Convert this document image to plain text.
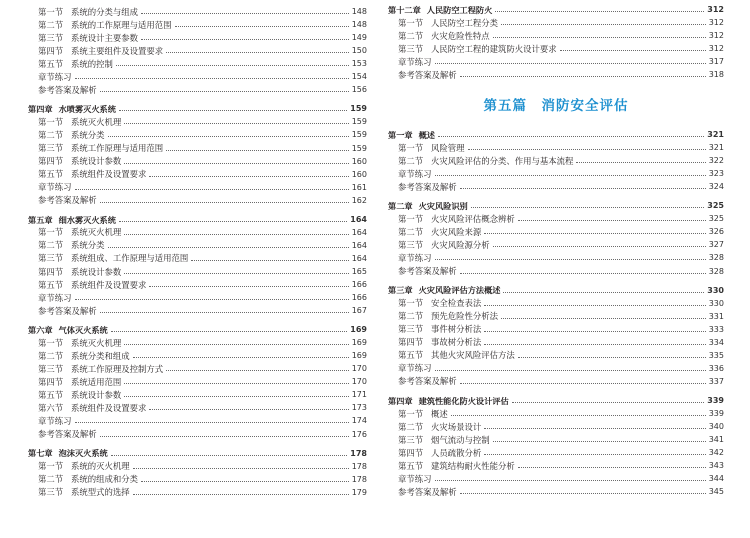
第一节 系统的分类与组成	148
第二节 系统的工作原理与适用范围	148
第三节 系统设计主要参数	149
第四节 系统主要组件及设置要求	150
第五节 系统的控制	153
章节练习	154
参考答案及解析	156
第四章 水喷雾灭火系统	159
第一节 系统灭火机理	159
第二节 系统分类	159
第三节 系统工作原理与适用范围	159
第四节 系统设计参数	160
第五节 系统组件及设置要求	160
章节练习	161
参考答案及解析	162
第五章 细水雾灭火系统	164
第一节 系统灭火机理	164
第二节 系统分类	164
第三节 系统组成、工作原理与适用范围	164
第四节 系统设计参数	165
第五节 系统组件及设置要求	166
章节练习	166
参考答案及解析	167
第六章 气体灭火系统	169
第一节 系统灭火机理	169
第二节 系统分类和组成	169
第三节 系统工作原理及控制方式	170
第四节 系统适用范围	170
第五节 系统设计参数	171
第六节 系统组件及设置要求	173
章节练习	174
参考答案及解析	176
第七章 泡沫灭火系统	178
第一节 系统的灭火机理	178
第二节 系统的组成和分类	178
第三节 系统型式的选择	179
第十二章 人民防空工程防火	312
第一节 人民防空工程分类	312
第二节 火灾危险性特点	312
第三节 人民防空工程的建筑防火设计要求	312
章节练习	317
参考答案及解析	318
第五篇　消防安全评估
第一章 概述	321
第一节 风险管理	321
第二节 火灾风险评估的分类、作用与基本流程	322
章节练习	323
参考答案及解析	324
第二章 火灾风险识别	325
第一节 火灾风险评估概念辨析	325
第二节 火灾风险来源	326
第三节 火灾风险源分析	327
章节练习	328
参考答案及解析	328
第三章 火灾风险评估方法概述	330
第一节 安全检查表法	330
第二节 预先危险性分析法	331
第三节 事件树分析法	333
第四节 事故树分析法	334
第五节 其他火灾风险评估方法	335
章节练习	336
参考答案及解析	337
第四章 建筑性能化防火设计评估	339
第一节 概述	339
第二节 火灾场景设计	340
第三节 烟气流动与控制	341
第四节 人员疏散分析	342
第五节 建筑结构耐火性能分析	343
章节练习	344
参考答案及解析	345
